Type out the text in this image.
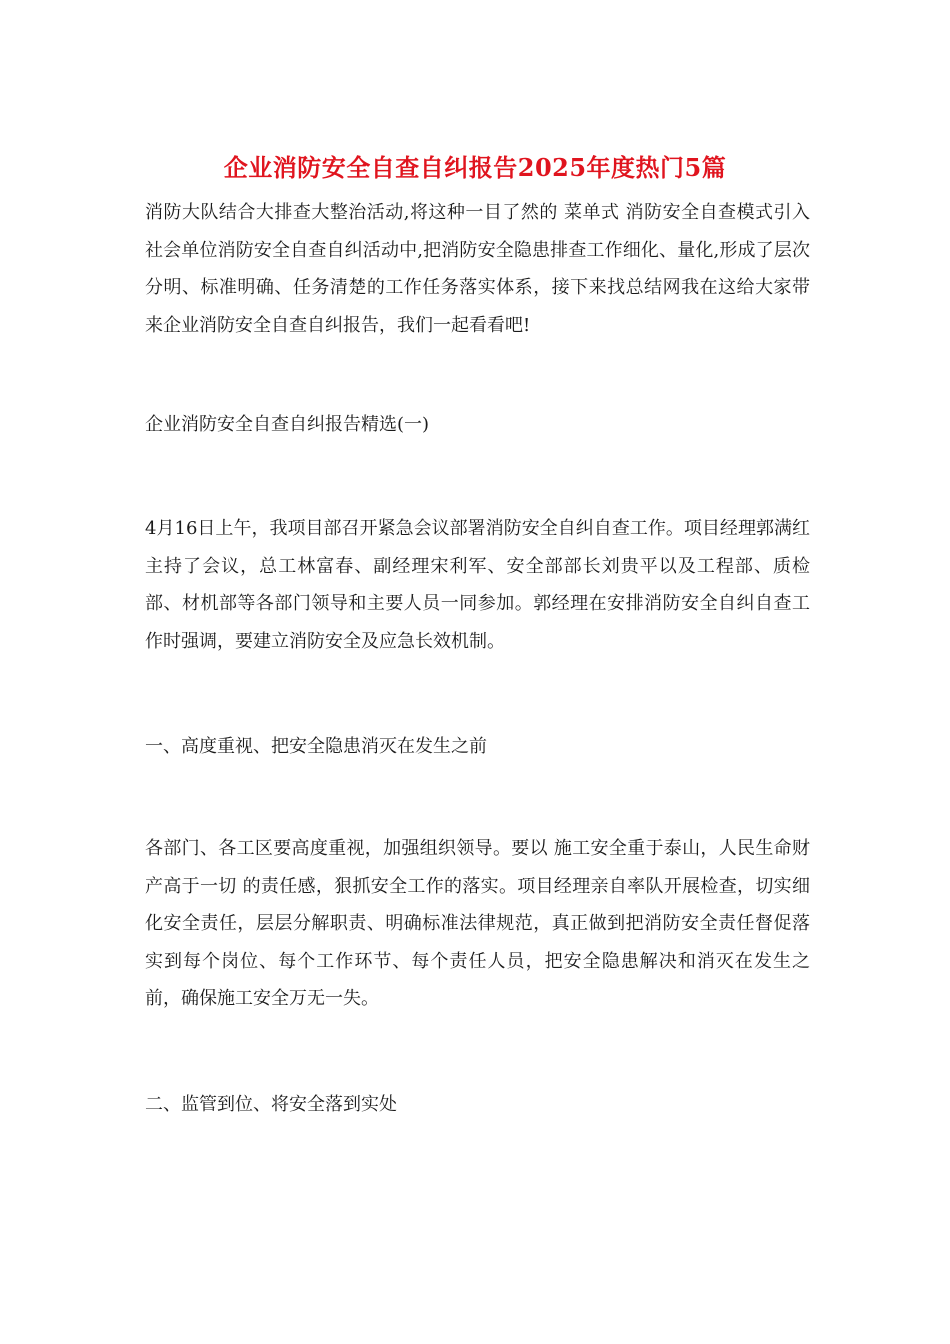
企业消防安全自查自纠报告2025年度热门5篇

消防大队结合大排查大整治活动,将这种一目了然的 菜单式 消防安全自查模式引入社会单位消防安全自查自纠活动中,把消防安全隐患排查工作细化、量化,形成了层次分明、标准明确、任务清楚的工作任务落实体系，接下来找总结网我在这给大家带来企业消防安全自查自纠报告，我们一起看看吧!

企业消防安全自查自纠报告精选(一)

4月16日上午，我项目部召开紧急会议部署消防安全自纠自查工作。项目经理郭满红主持了会议，总工林富春、副经理宋利军、安全部部长刘贵平以及工程部、质检部、材机部等各部门领导和主要人员一同参加。郭经理在安排消防安全自纠自查工作时强调，要建立消防安全及应急长效机制。

一、高度重视、把安全隐患消灭在发生之前

各部门、各工区要高度重视，加强组织领导。要以 施工安全重于泰山，人民生命财产高于一切 的责任感，狠抓安全工作的落实。项目经理亲自率队开展检查，切实细化安全责任，层层分解职责、明确标准法律规范，真正做到把消防安全责任督促落实到每个岗位、每个工作环节、每个责任人员，把安全隐患解决和消灭在发生之前，确保施工安全万无一失。

二、监管到位、将安全落到实处
